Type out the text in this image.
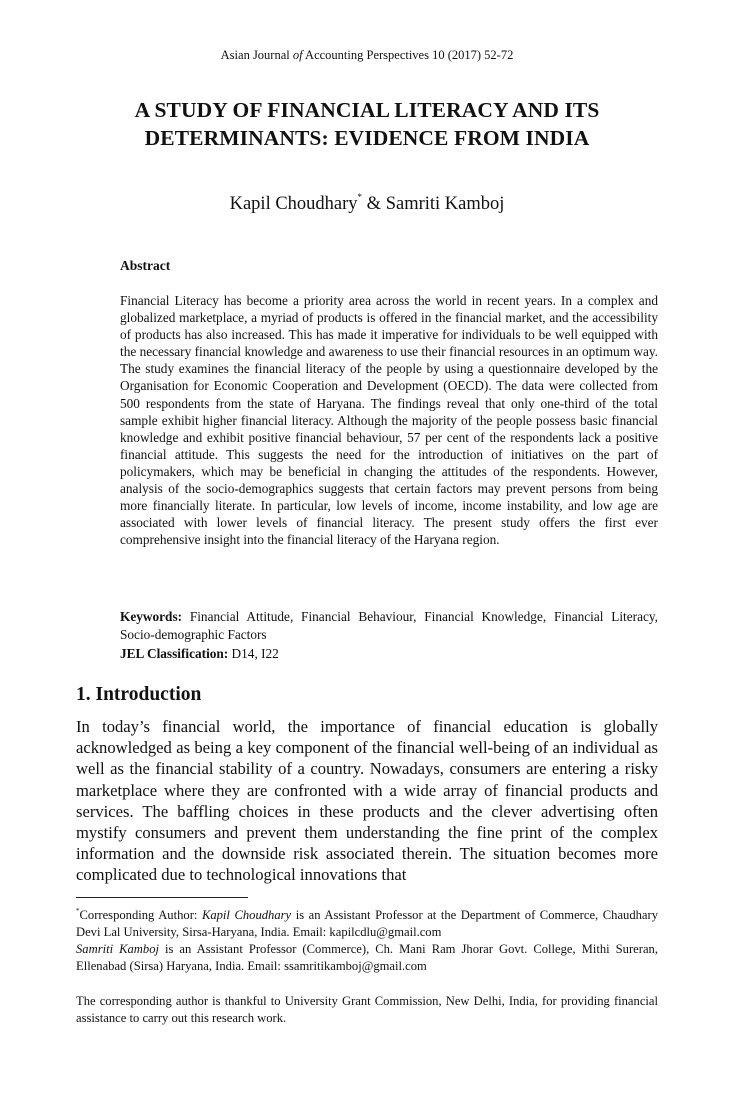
Asian Journal of Accounting Perspectives 10 (2017) 52-72
A STUDY OF FINANCIAL LITERACY AND ITS
DETERMINANTS: EVIDENCE FROM INDIA
Kapil Choudhary* & Samriti Kamboj
Abstract

Financial Literacy has become a priority area across the world in recent years. In a complex and globalized marketplace, a myriad of products is offered in the financial market, and the accessibility of products has also increased. This has made it imperative for individuals to be well equipped with the necessary financial knowledge and awareness to use their financial resources in an optimum way. The study examines the financial literacy of the people by using a questionnaire developed by the Organisation for Economic Cooperation and Development (OECD). The data were collected from 500 respondents from the state of Haryana. The findings reveal that only one-third of the total sample exhibit higher financial literacy. Although the majority of the people possess basic financial knowledge and exhibit positive financial behaviour, 57 per cent of the respondents lack a positive financial attitude. This suggests the need for the introduction of initiatives on the part of policymakers, which may be beneficial in changing the attitudes of the respondents. However, analysis of the socio-demographics suggests that certain factors may prevent persons from being more financially literate. In particular, low levels of income, income instability, and low age are associated with lower levels of financial literacy. The present study offers the first ever comprehensive insight into the financial literacy of the Haryana region.

Keywords: Financial Attitude, Financial Behaviour, Financial Knowledge, Financial Literacy, Socio-demographic Factors

JEL Classification: D14, I22

1. Introduction

In today’s financial world, the importance of financial education is globally acknowledged as being a key component of the financial well-being of an individual as well as the financial stability of a country. Nowadays, consumers are entering a risky marketplace where they are confronted with a wide array of financial products and services. The baffling choices in these products and the clever advertising often mystify consumers and prevent them understanding the fine print of the complex information and the downside risk associated therein. The situation becomes more complicated due to technological innovations that

*Corresponding Author: Kapil Choudhary is an Assistant Professor at the Department of Commerce, Chaudhary Devi Lal University, Sirsa-Haryana, India. Email: kapilcdlu@gmail.com
Samriti Kamboj is an Assistant Professor (Commerce), Ch. Mani Ram Jhorar Govt. College, Mithi Sureran, Ellenabad (Sirsa) Haryana, India. Email: ssamritikamboj@gmail.com

The corresponding author is thankful to University Grant Commission, New Delhi, India, for providing financial assistance to carry out this research work.
